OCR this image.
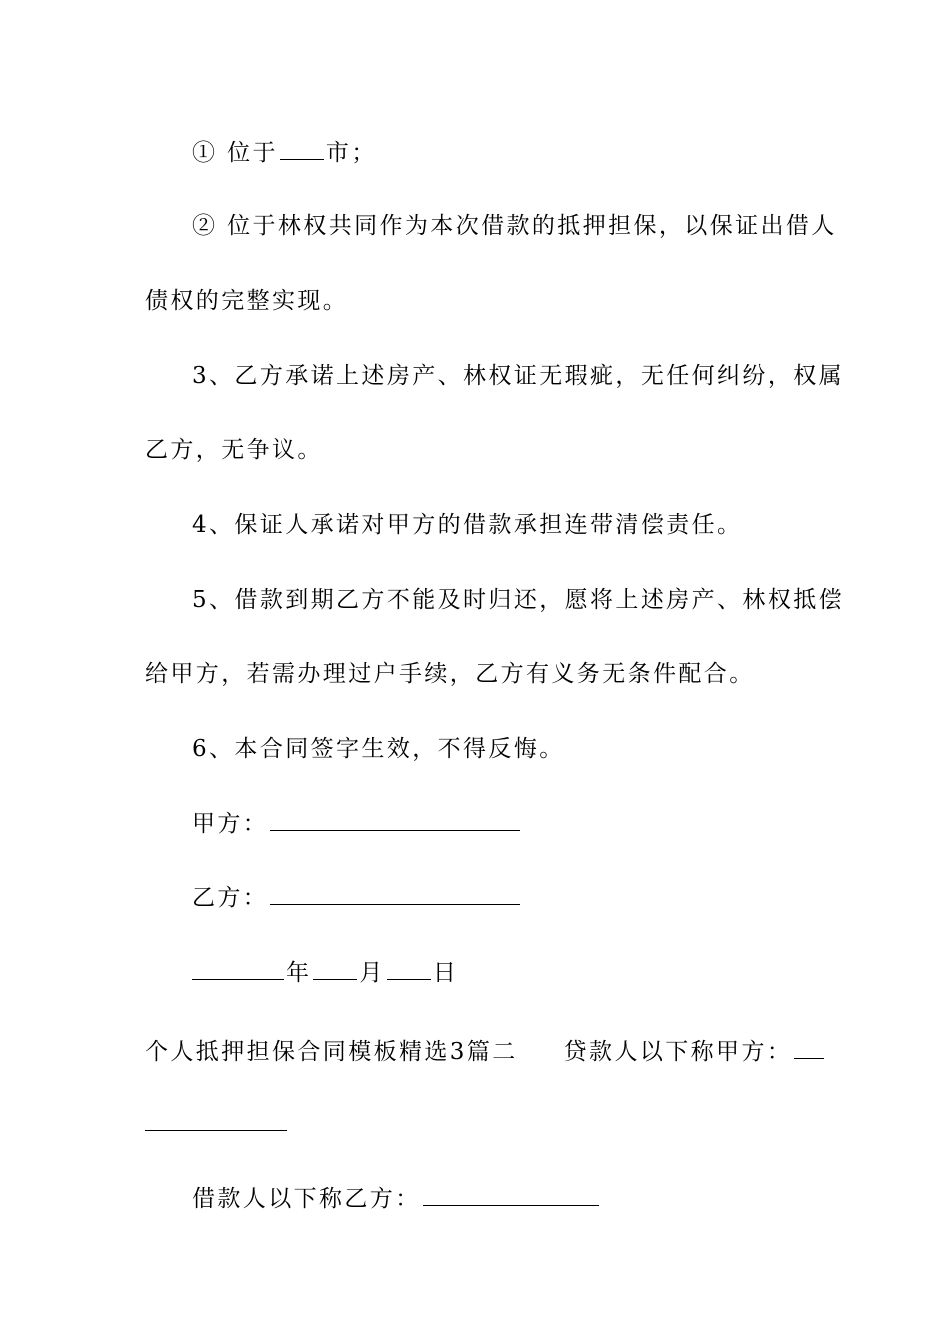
① 位于 市；
② 位于林权共同作为本次借款的抵押担保，以保证出借人
债权的完整实现。
3、乙方承诺上述房产、林权证无瑕疵，无任何纠纷，权属
乙方，无争议。
4、保证人承诺对甲方的借款承担连带清偿责任。
5、借款到期乙方不能及时归还，愿将上述房产、林权抵偿
给甲方，若需办理过户手续，乙方有义务无条件配合。
6、本合同签字生效，不得反悔。
甲方：
乙方：
年 月 日
个人抵押担保合同模板精选3篇二 贷款人以下称甲方：
借款人以下称乙方：
